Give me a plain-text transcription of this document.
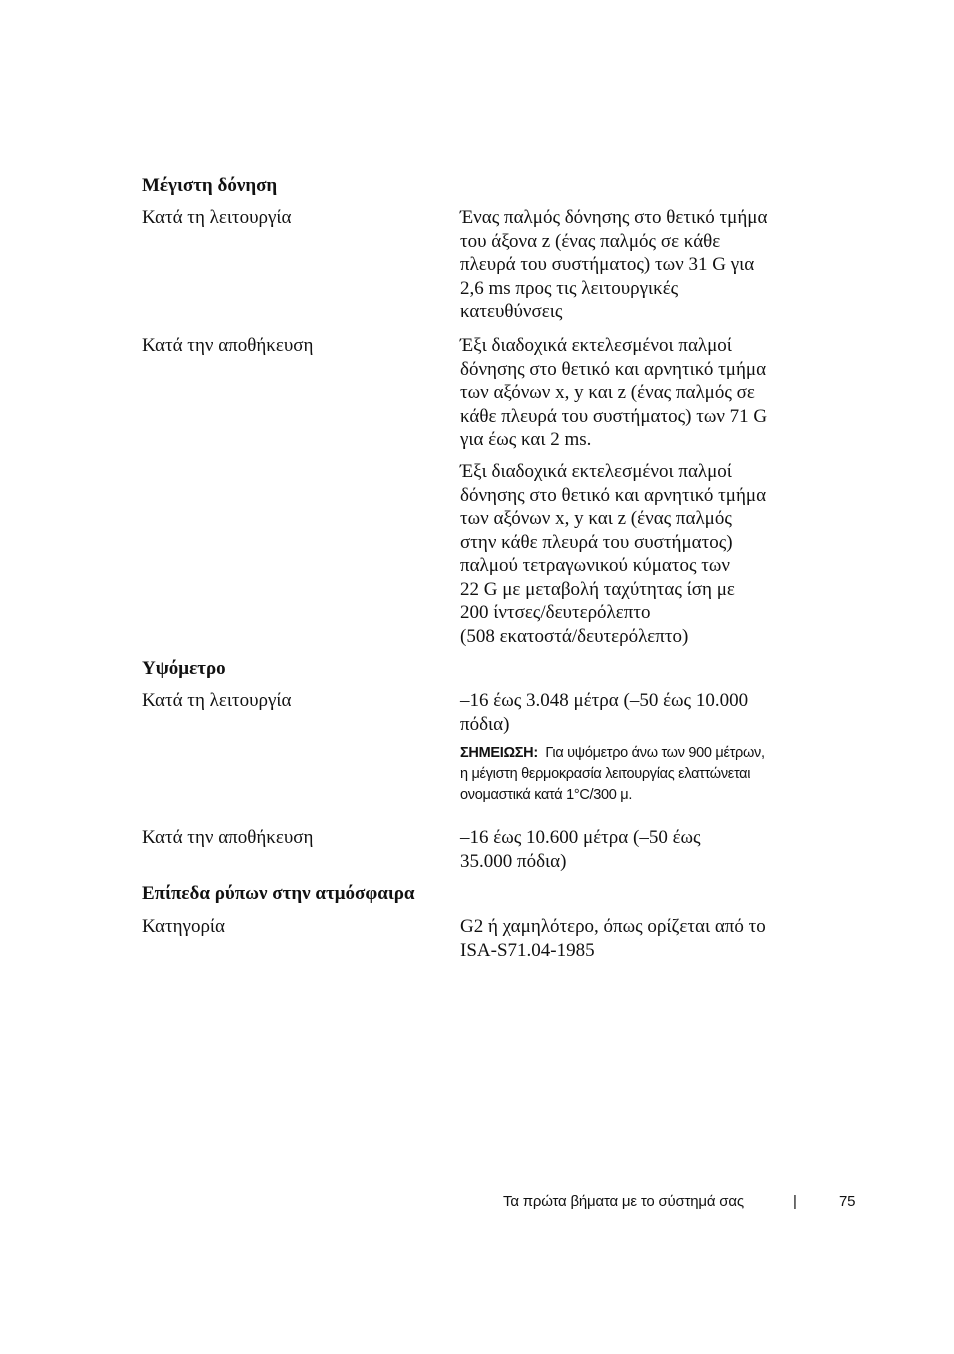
Μέγιστη δόνηση
Κατά τη λειτουργία	Ένας παλμός δόνησης στο θετικό τμήμα
του άξονα z (ένας παλμός σε κάθε
πλευρά του συστήματος) των 31 G για
2,6 ms προς τις λειτουργικές
κατευθύνσεις
Κατά την αποθήκευση	Έξι διαδοχικά εκτελεσμένοι παλμοί
δόνησης στο θετικό και αρνητικό τμήμα
των αξόνων x, y και z (ένας παλμός σε
κάθε πλευρά του συστήματος) των 71 G
για έως και 2 ms.
Έξι διαδοχικά εκτελεσμένοι παλμοί
δόνησης στο θετικό και αρνητικό τμήμα
των αξόνων x, y και z (ένας παλμός
στην κάθε πλευρά του συστήματος)
παλμού τετραγωνικού κύματος των
22 G με μεταβολή ταχύτητας ίση με
200 ίντσες/δευτερόλεπτο
(508 εκατοστά/δευτερόλεπτο)
Υψόμετρο
Κατά τη λειτουργία	–16 έως 3.048 μέτρα (–50 έως 10.000
πόδια)
ΣΗΜΕΙΩΣΗ: Για υψόμετρο άνω των 900 μέτρων,
η μέγιστη θερμοκρασία λειτουργίας ελαττώνεται
ονομαστικά κατά 1°C/300 μ.
Κατά την αποθήκευση	–16 έως 10.600 μέτρα (–50 έως
35.000 πόδια)
Επίπεδα ρύπων στην ατμόσφαιρα
Κατηγορία	G2 ή χαμηλότερο, όπως ορίζεται από το
ISA-S71.04-1985
Τα πρώτα βήματα με το σύστημά σας	|	75
